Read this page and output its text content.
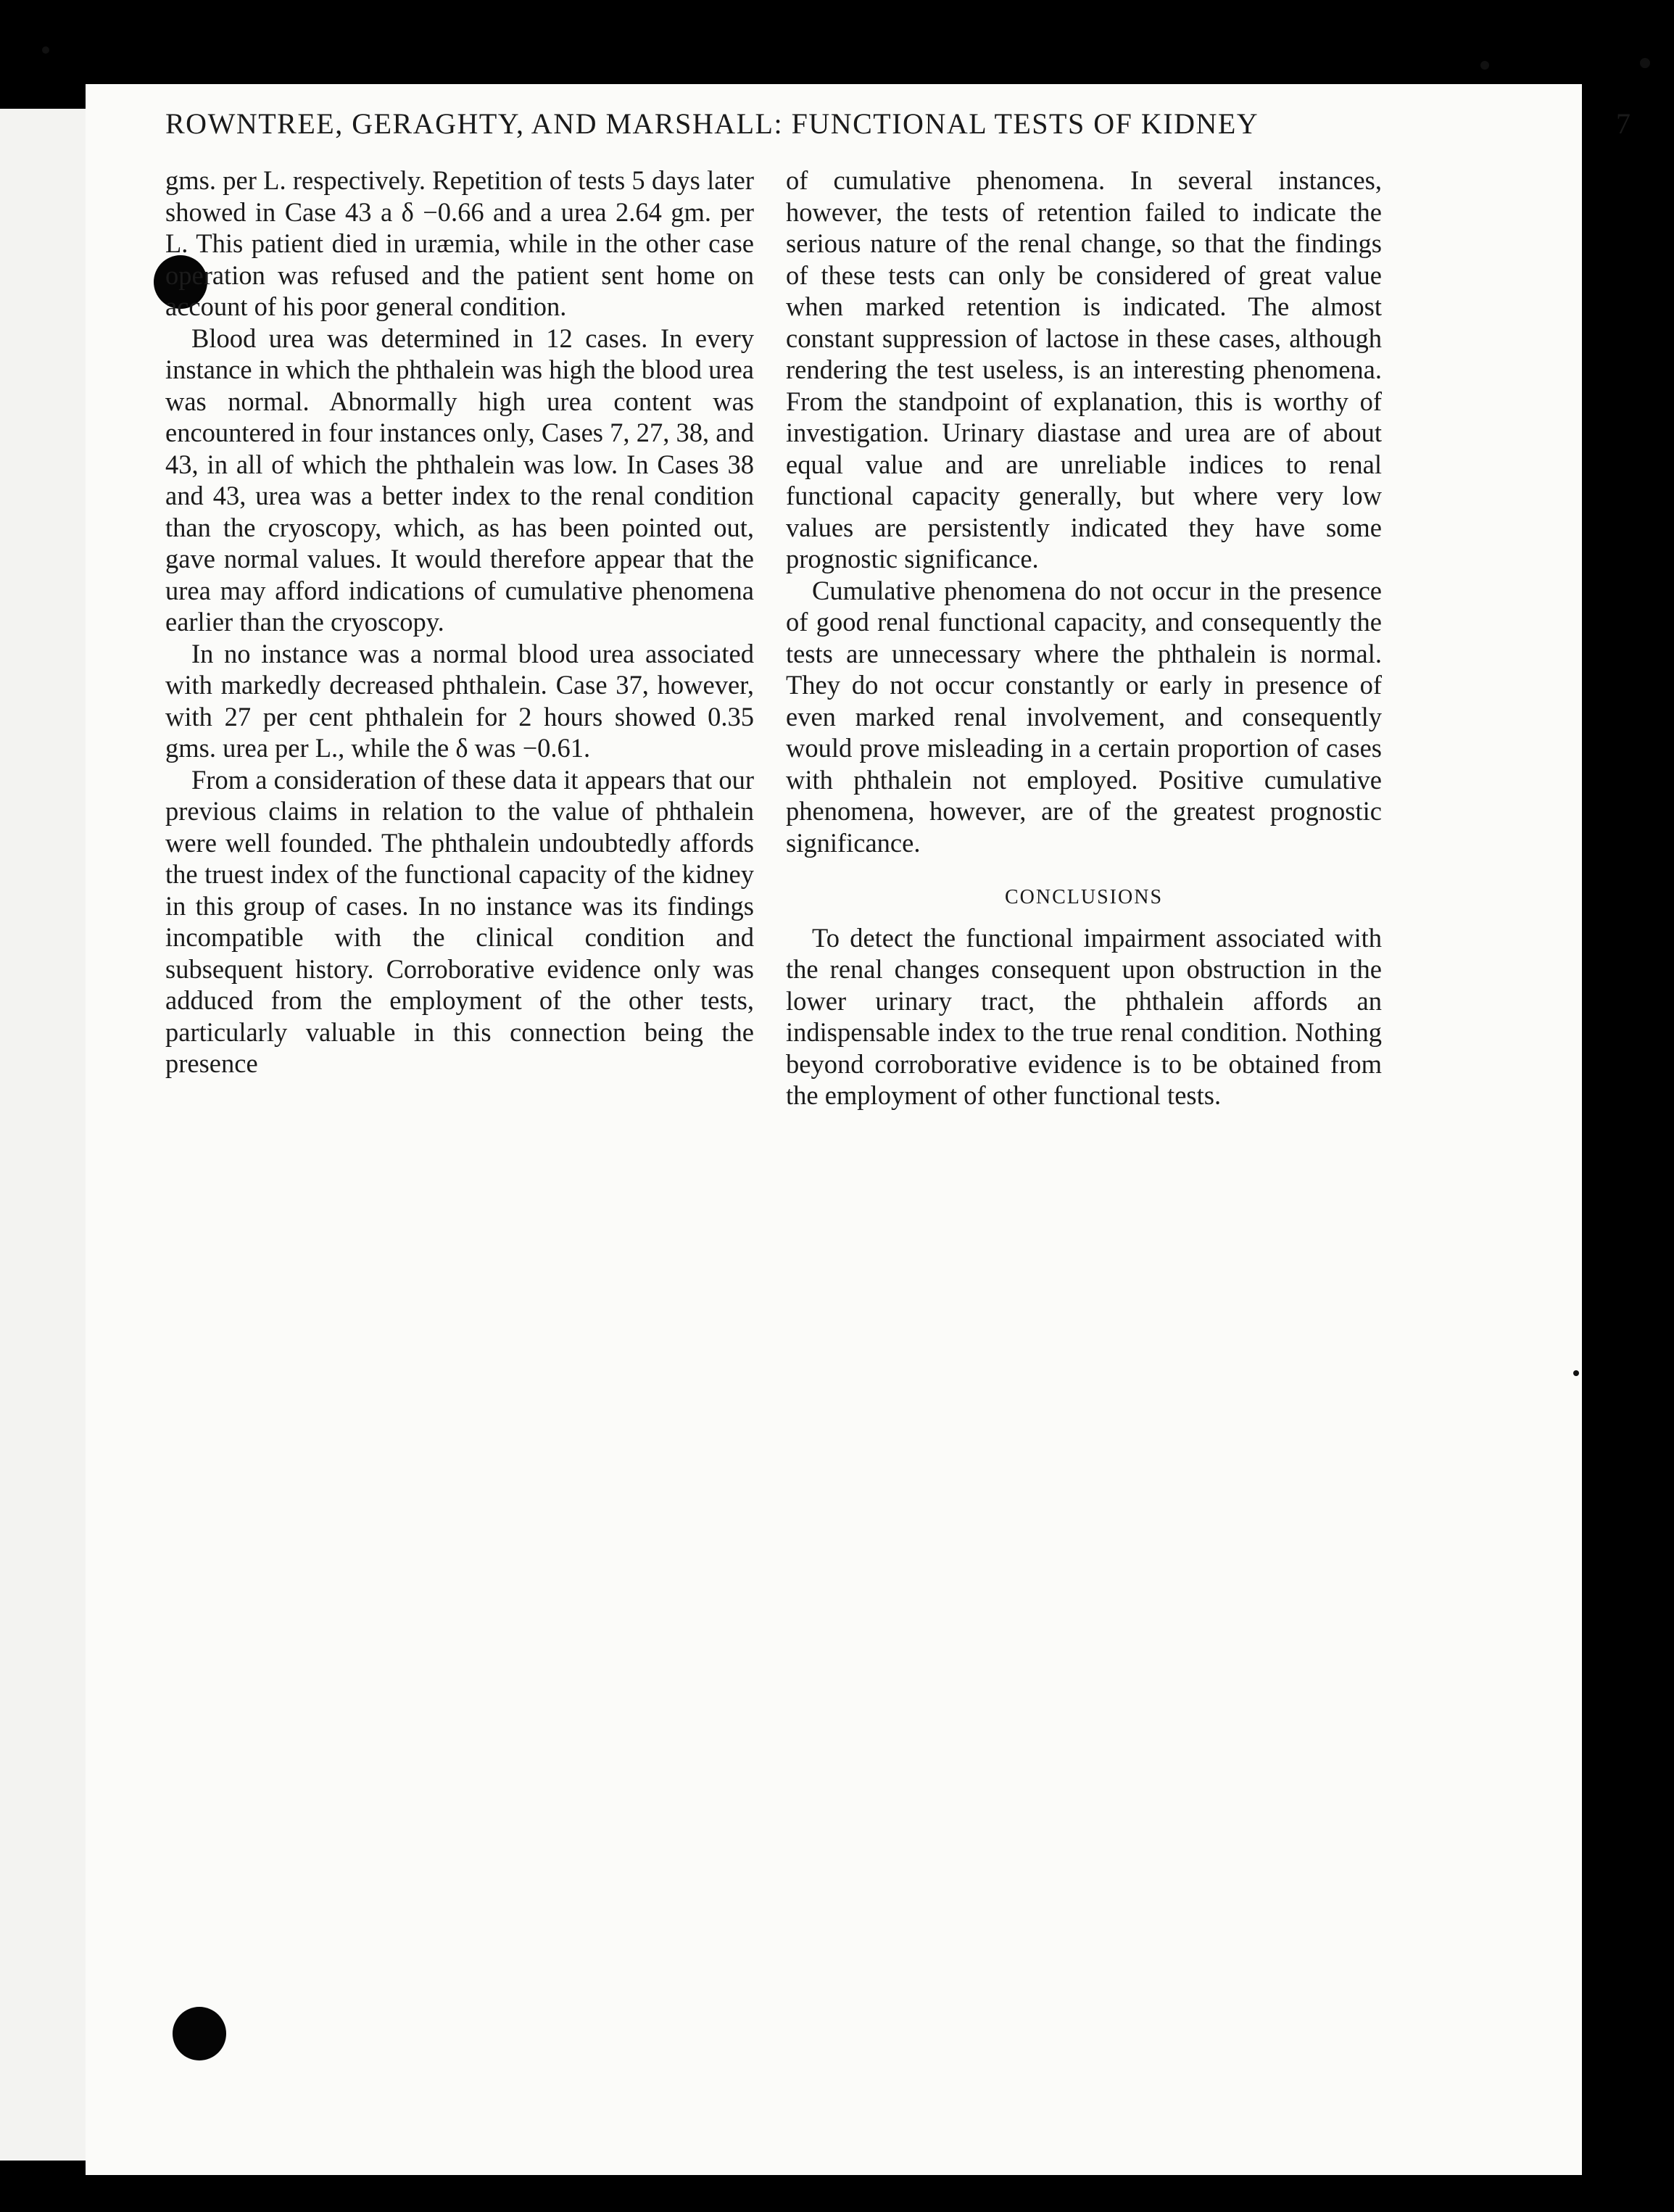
ROWNTREE, GERAGHTY, AND MARSHALL: FUNCTIONAL TESTS OF KIDNEY	7

gms. per L. respectively. Repetition of tests 5 days later showed in Case 43 a δ −0.66 and a urea 2.64 gm. per L. This patient died in uræmia, while in the other case operation was refused and the patient sent home on account of his poor general condition.

Blood urea was determined in 12 cases. In every instance in which the phthalein was high the blood urea was normal. Abnormally high urea content was encountered in four instances only, Cases 7, 27, 38, and 43, in all of which the phthalein was low. In Cases 38 and 43, urea was a better index to the renal condition than the cryoscopy, which, as has been pointed out, gave normal values. It would therefore appear that the urea may afford indications of cumulative phenomena earlier than the cryoscopy.

In no instance was a normal blood urea associated with markedly decreased phthalein. Case 37, however, with 27 per cent phthalein for 2 hours showed 0.35 gms. urea per L., while the δ was −0.61.

From a consideration of these data it appears that our previous claims in relation to the value of phthalein were well founded. The phthalein undoubtedly affords the truest index of the functional capacity of the kidney in this group of cases. In no instance was its findings incompatible with the clinical condition and subsequent history. Corroborative evidence only was adduced from the employment of the other tests, particularly valuable in this connection being the presence

of cumulative phenomena. In several instances, however, the tests of retention failed to indicate the serious nature of the renal change, so that the findings of these tests can only be considered of great value when marked retention is indicated. The almost constant suppression of lactose in these cases, although rendering the test useless, is an interesting phenomena. From the standpoint of explanation, this is worthy of investigation. Urinary diastase and urea are of about equal value and are unreliable indices to renal functional capacity generally, but where very low values are persistently indicated they have some prognostic significance.

Cumulative phenomena do not occur in the presence of good renal functional capacity, and consequently the tests are unnecessary where the phthalein is normal. They do not occur constantly or early in presence of even marked renal involvement, and consequently would prove misleading in a certain proportion of cases with phthalein not employed. Positive cumulative phenomena, however, are of the greatest prognostic significance.

CONCLUSIONS

To detect the functional impairment associated with the renal changes consequent upon obstruction in the lower urinary tract, the phthalein affords an indispensable index to the true renal condition. Nothing beyond corroborative evidence is to be obtained from the employment of other functional tests.
